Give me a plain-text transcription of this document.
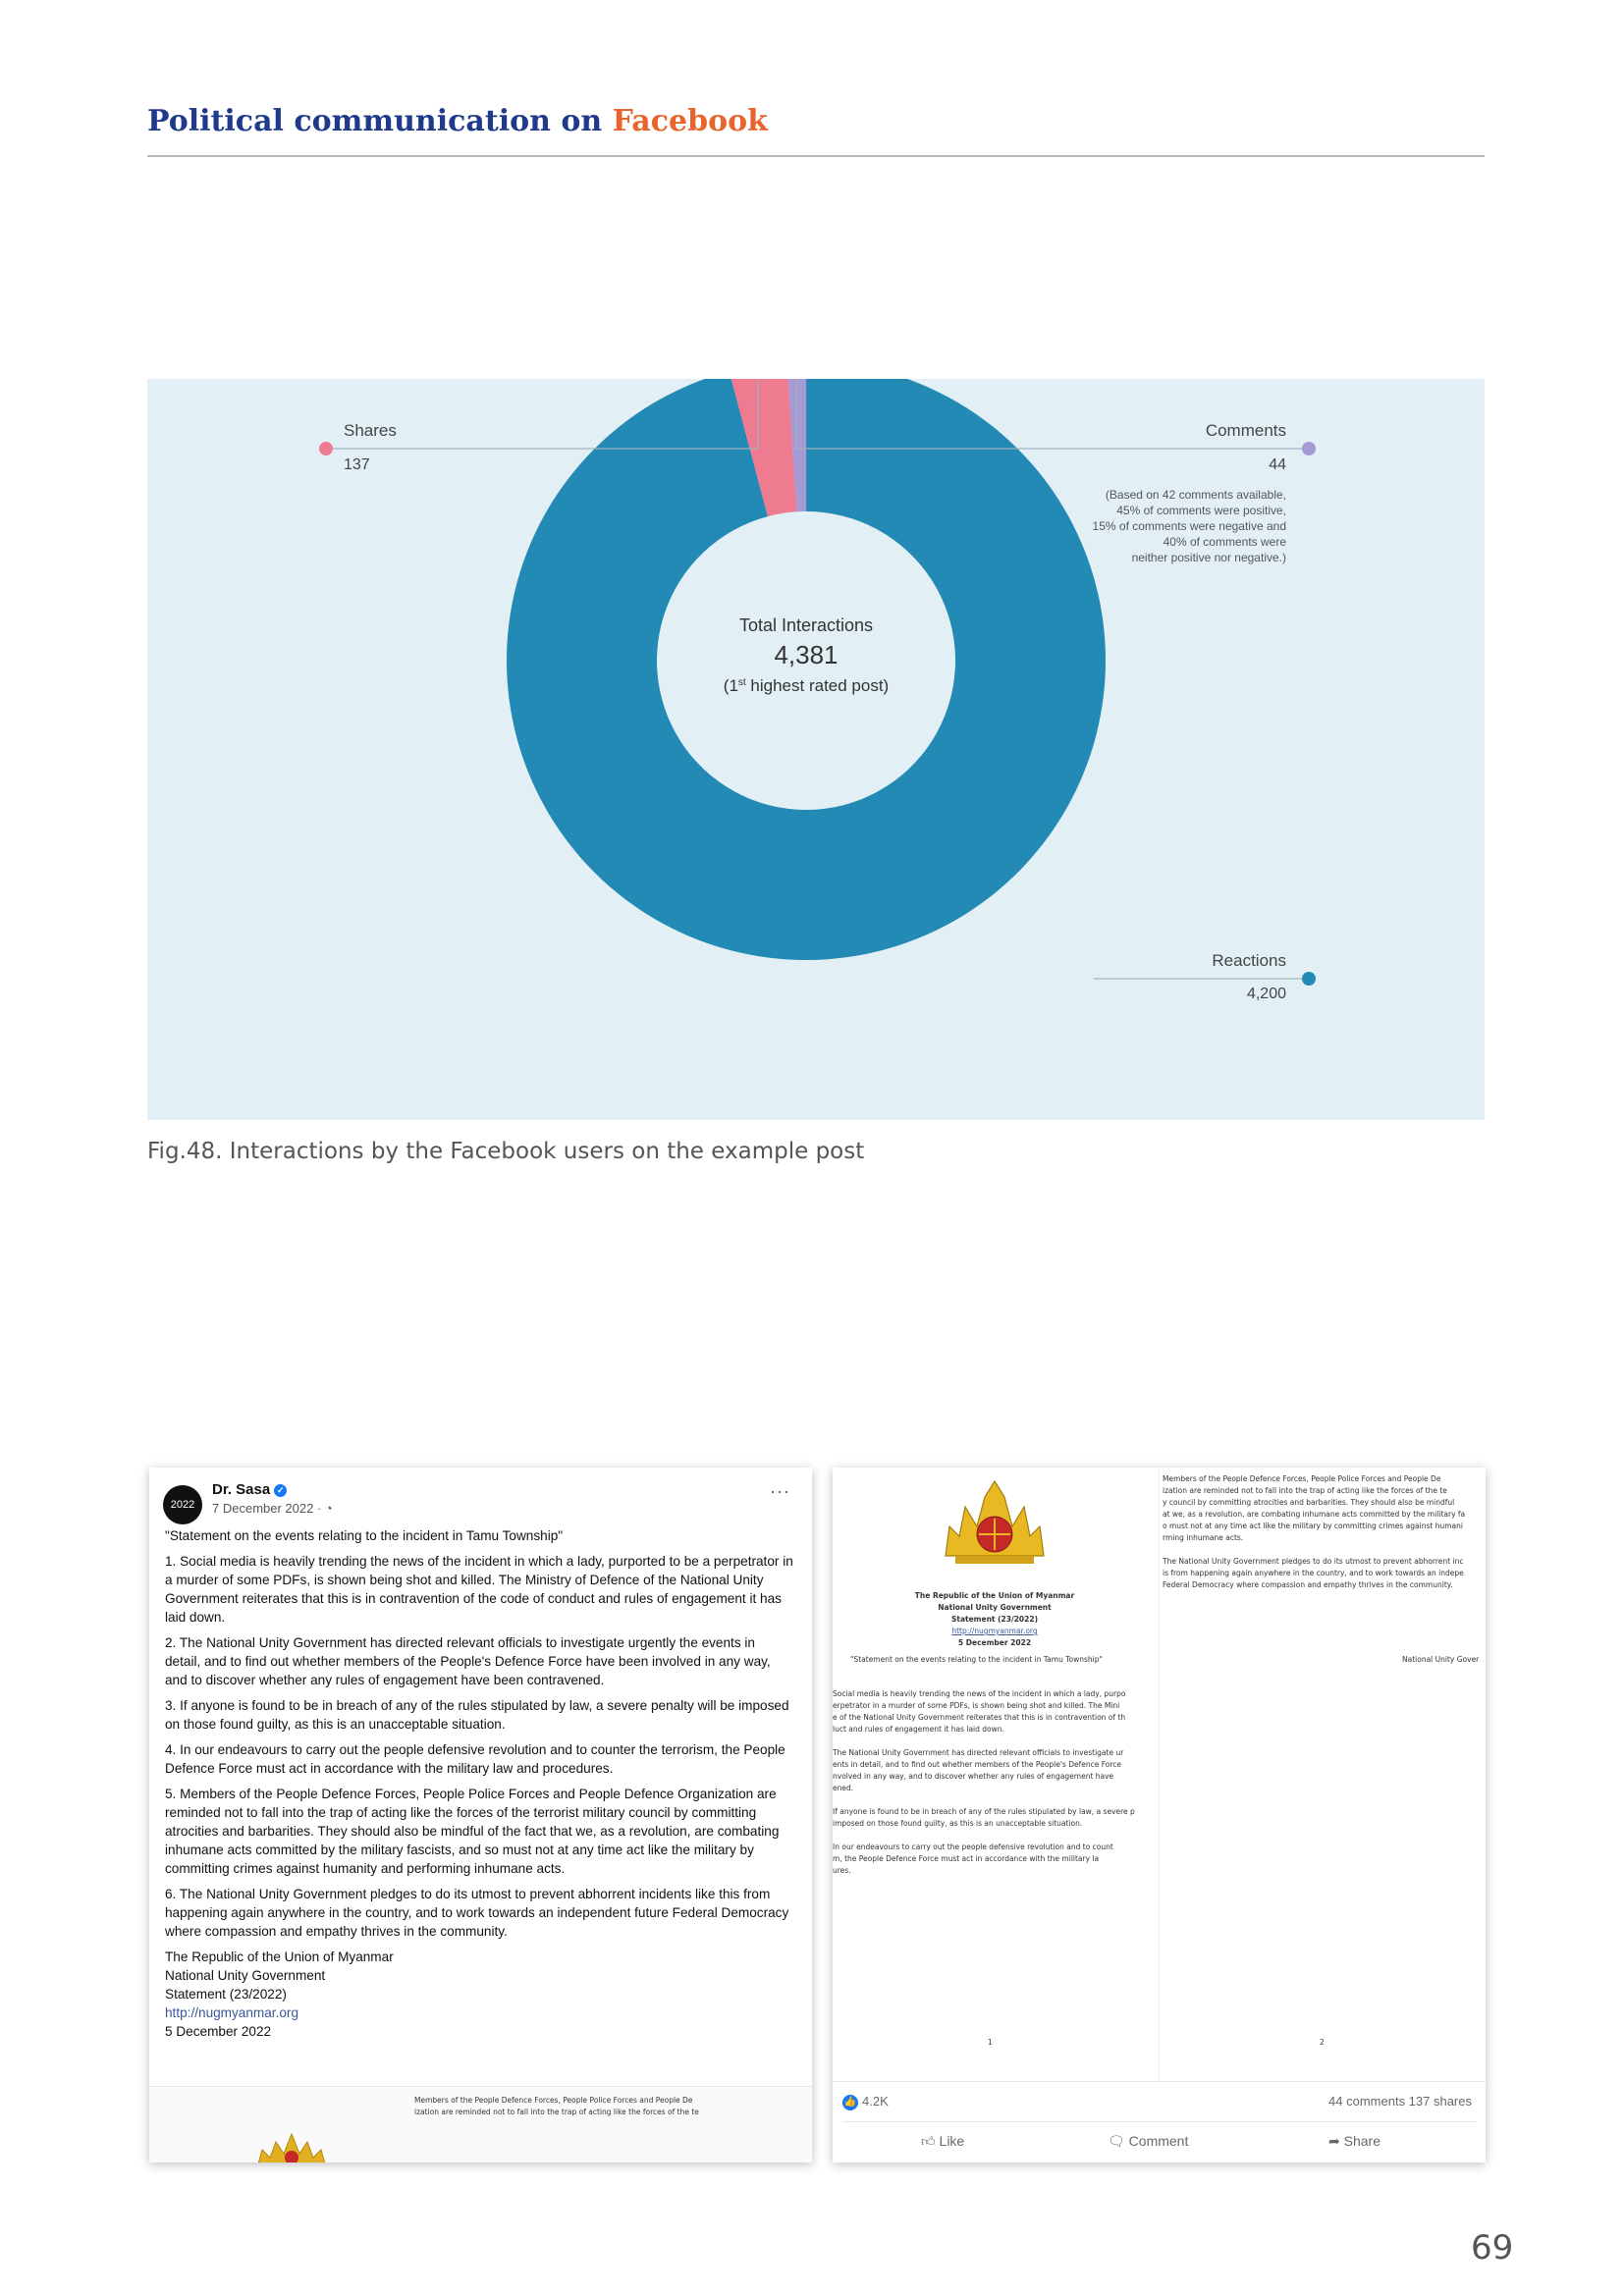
Political communication on Facebook
Total Interactions
4,381
(1st highest rated post)
Shares
137
Comments
44
(Based on 42 comments available,
45% of comments were positive,
15% of comments were negative and
40% of comments were
neither positive nor negative.)
Reactions
4,200
Fig.48. Interactions by the Facebook users on the example post
2022
Dr. Sasa ✓
7 December 2022 · ◔
···

"Statement on the events relating to the incident in Tamu Township"

1. Social media is heavily trending the news of the incident in which a lady, purported to be a perpetrator in a murder of some PDFs, is shown being shot and killed. The Ministry of Defence of the National Unity Government reiterates that this is in contravention of the code of conduct and rules of engagement it has laid down.

2. The National Unity Government has directed relevant officials to investigate urgently the events in detail, and to find out whether members of the People's Defence Force have been involved in any way, and to discover whether any rules of engagement have been contravened.

3. If anyone is found to be in breach of any of the rules stipulated by law, a severe penalty will be imposed on those found guilty, as this is an unacceptable situation.

4. In our endeavours to carry out the people defensive revolution and to counter the terrorism, the People Defence Force must act in accordance with the military law and procedures.

5. Members of the People Defence Forces, People Police Forces and People Defence Organization are reminded not to fall into the trap of acting like the forces of the terrorist military council by committing atrocities and barbarities. They should also be mindful of the fact that we, as a revolution, are combating inhumane acts committed by the military fascists, and so must not at any time act like the military by committing crimes against humanity and performing inhumane acts.

6. The National Unity Government pledges to do its utmost to prevent abhorrent incidents like this from happening again anywhere in the country, and to work towards an independent future Federal Democracy where compassion and empathy thrives in the community.

The Republic of the Union of Myanmar

National Unity Government

Statement (23/2022)

http://nugmyanmar.org

5 December 2022

Members of the People Defence Forces, People Police Forces and People De
ization are reminded not to fall into the trap of acting like the forces of the te
The Republic of the Union of Myanmar
National Unity Government
Statement (23/2022)
http://nugmyanmar.org
5 December 2022
"Statement on the events relating to the incident in Tamu Township"
Social media is heavily trending the news of the incident in which a lady, purpo
erpetrator in a murder of some PDFs, is shown being shot and killed. The Mini
e of the National Unity Government reiterates that this is in contravention of th
luct and rules of engagement it has laid down.
The National Unity Government has directed relevant officials to investigate ur
ents in detail, and to find out whether members of the People's Defence Force
nvolved in any way, and to discover whether any rules of engagement have
ened.
If anyone is found to be in breach of any of the rules stipulated by law, a severe p
imposed on those found guilty, as this is an unacceptable situation.
In our endeavours to carry out the people defensive revolution and to count
m, the People Defence Force must act in accordance with the military la
ures.
1
Members of the People Defence Forces, People Police Forces and People De
ization are reminded not to fall into the trap of acting like the forces of the te
y council by committing atrocities and barbarities. They should also be mindful
at we, as a revolution, are combating inhumane acts committed by the military fa
o must not at any time act like the military by committing crimes against humani
rming inhumane acts.
The National Unity Government pledges to do its utmost to prevent abhorrent inc
is from happening again anywhere in the country, and to work towards an indepe
Federal Democracy where compassion and empathy thrives in the community.
National Unity Gover
2
👍 4.2K	44 comments 137 shares
👍︎ Like	🗨︎ Comment	➦ Share
69
